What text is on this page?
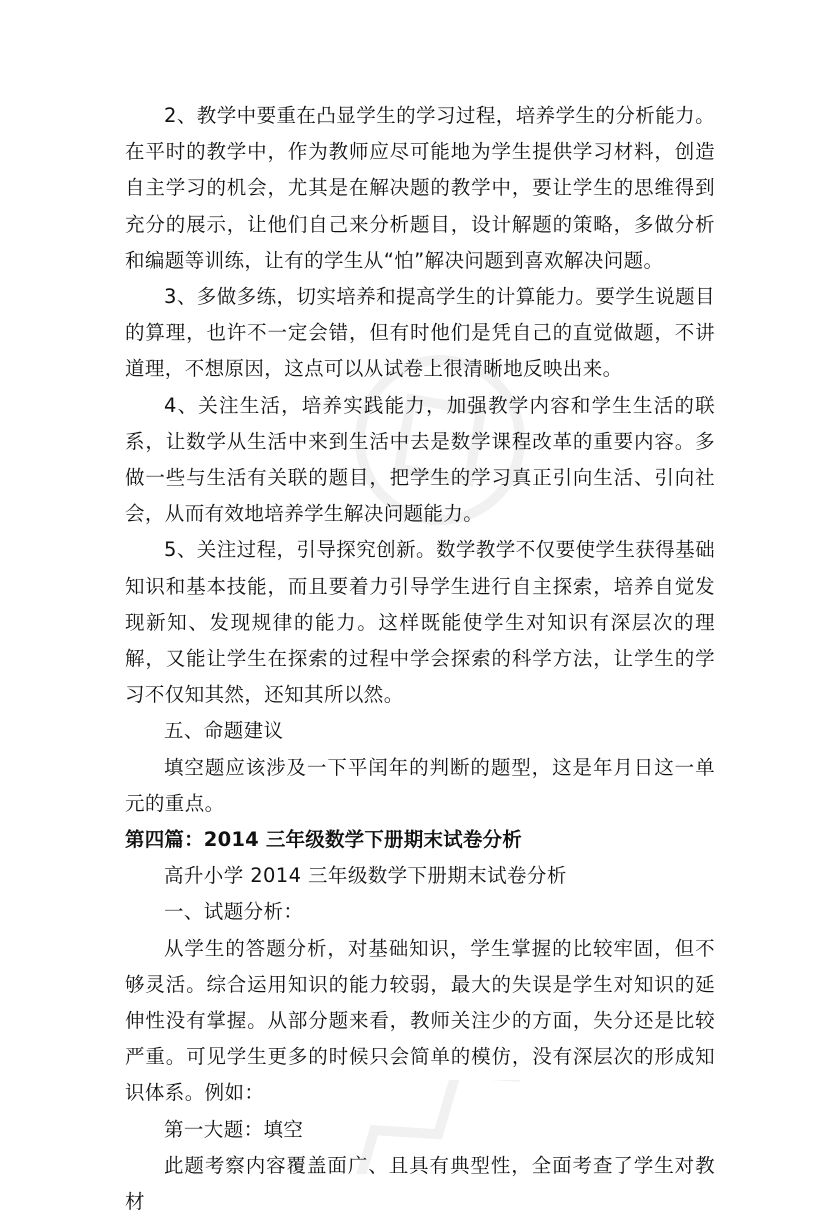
2、教学中要重在凸显学生的学习过程，培养学生的分析能力。在平时的教学中，作为教师应尽可能地为学生提供学习材料，创造自主学习的机会，尤其是在解决题的教学中，要让学生的思维得到充分的展示，让他们自己来分析题目，设计解题的策略，多做分析和编题等训练，让有的学生从“怕”解决问题到喜欢解决问题。

3、多做多练，切实培养和提高学生的计算能力。要学生说题目的算理，也许不一定会错，但有时他们是凭自己的直觉做题，不讲道理，不想原因，这点可以从试卷上很清晰地反映出来。

4、关注生活，培养实践能力，加强教学内容和学生生活的联系，让数学从生活中来到生活中去是数学课程改革的重要内容。多做一些与生活有关联的题目，把学生的学习真正引向生活、引向社会，从而有效地培养学生解决问题能力。

5、关注过程，引导探究创新。数学教学不仅要使学生获得基础知识和基本技能，而且要着力引导学生进行自主探索，培养自觉发现新知、发现规律的能力。这样既能使学生对知识有深层次的理解，又能让学生在探索的过程中学会探索的科学方法，让学生的学习不仅知其然，还知其所以然。

五、命题建议

填空题应该涉及一下平闰年的判断的题型，这是年月日这一单元的重点。

第四篇：2014 三年级数学下册期末试卷分析

高升小学 2014 三年级数学下册期末试卷分析

一、试题分析：

从学生的答题分析，对基础知识，学生掌握的比较牢固，但不够灵活。综合运用知识的能力较弱，最大的失误是学生对知识的延伸性没有掌握。从部分题来看，教师关注少的方面，失分还是比较严重。可见学生更多的时候只会简单的模仿，没有深层次的形成知识体系。例如：

第一大题：填空

此题考察内容覆盖面广、且具有典型性，全面考查了学生对教材
